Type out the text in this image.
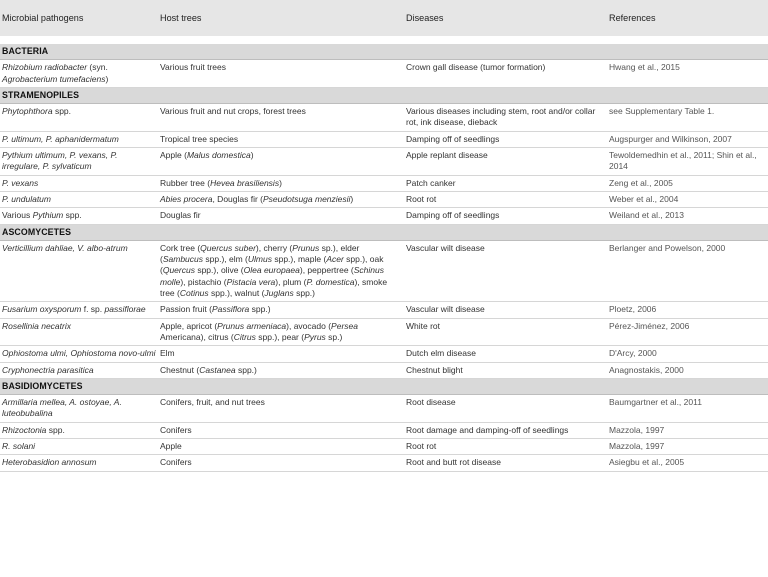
Microbial pathogens	Host trees	Diseases	References

BACTERIA			
Rhizobium radiobacter (syn. Agrobacterium tumefaciens)	Various fruit trees	Crown gall disease (tumor formation)	Hwang et al., 2015
STRAMENOPILES			
Phytophthora spp.	Various fruit and nut crops, forest trees	Various diseases including stem, root and/or collar rot, ink disease, dieback	see Supplementary Table 1.
P. ultimum, P. aphanidermatum	Tropical tree species	Damping off of seedlings	Augspurger and Wilkinson, 2007
Pythium ultimum, P. vexans, P. irregulare, P. sylvaticum	Apple (Malus domestica)	Apple replant disease	Tewoldemedhin et al., 2011; Shin et al., 2014
P. vexans	Rubber tree (Hevea brasiliensis)	Patch canker	Zeng et al., 2005
P. undulatum	Abies procera, Douglas fir (Pseudotsuga menziesii)	Root rot	Weber et al., 2004
Various Pythium spp.	Douglas fir	Damping off of seedlings	Weiland et al., 2013
ASCOMYCETES			
Verticillium dahliae, V. albo-atrum	Cork tree (Quercus suber), cherry (Prunus sp.), elder (Sambucus spp.), elm (Ulmus spp.), maple (Acer spp.), oak (Quercus spp.), olive (Olea europaea), peppertree (Schinus molle), pistachio (Pistacia vera), plum (P. domestica), smoke tree (Cotinus spp.), walnut (Juglans spp.)	Vascular wilt disease	Berlanger and Powelson, 2000
Fusarium oxysporum f. sp. passiflorae	Passion fruit (Passiflora spp.)	Vascular wilt disease	Ploetz, 2006
Rosellinia necatrix	Apple, apricot (Prunus armeniaca), avocado (Persea Americana), citrus (Citrus spp.), pear (Pyrus sp.)	White rot	Pérez-Jiménez, 2006
Ophiostoma ulmi, Ophiostoma novo-ulmi	Elm	Dutch elm disease	D'Arcy, 2000
Cryphonectria parasitica	Chestnut (Castanea spp.)	Chestnut blight	Anagnostakis, 2000
BASIDIOMYCETES			
Armillaria mellea, A. ostoyae, A. luteobubalina	Conifers, fruit, and nut trees	Root disease	Baumgartner et al., 2011
Rhizoctonia spp.	Conifers	Root damage and damping-off of seedlings	Mazzola, 1997
R. solani	Apple	Root rot	Mazzola, 1997
Heterobasidion annosum	Conifers	Root and butt rot disease	Asiegbu et al., 2005
